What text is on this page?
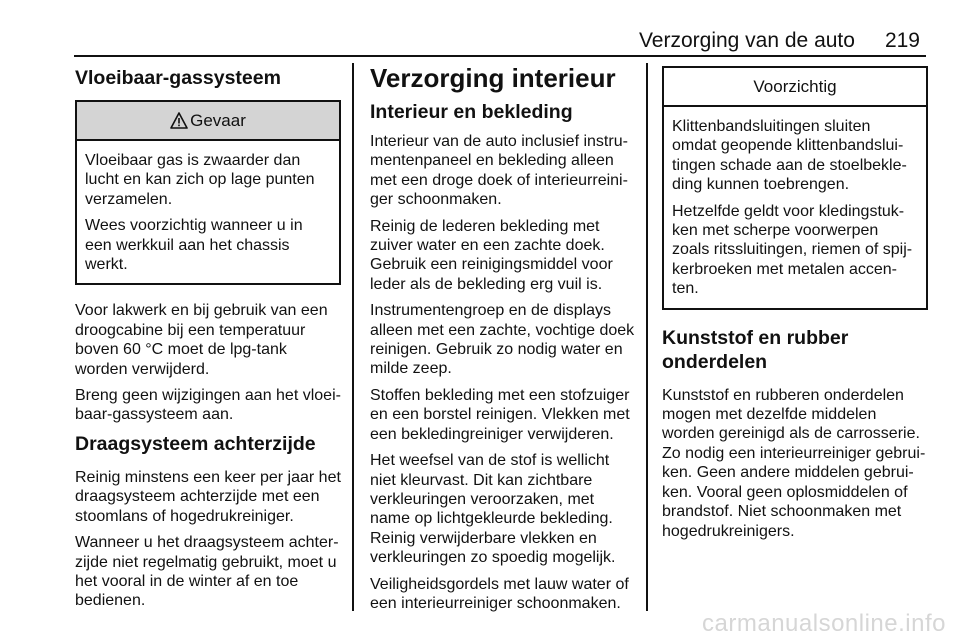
Verzorging van de auto 219
Vloeibaar-gassysteem
Gevaar

Vloeibaar gas is zwaarder dan lucht en kan zich op lage punten verzamelen.

Wees voorzichtig wanneer u in een werkkuil aan het chassis werkt.

Voor lakwerk en bij gebruik van een droogcabine bij een temperatuur boven 60 °C moet de lpg-tank worden verwijderd.

Breng geen wijzigingen aan het vloeibaar-gassysteem aan.

Draagsysteem achterzijde

Reinig minstens een keer per jaar het draagsysteem achterzijde met een stoomlans of hogedrukreiniger.

Wanneer u het draagsysteem achterzijde niet regelmatig gebruikt, moet u het vooral in de winter af en toe bedienen.

Verzorging interieur
Interieur en bekleding

Interieur van de auto inclusief instrumentenpaneel en bekleding alleen met een droge doek of interieurreiniger schoonmaken.

Reinig de lederen bekleding met zuiver water en een zachte doek. Gebruik een reinigingsmiddel voor leder als de bekleding erg vuil is.

Instrumentengroep en de displays alleen met een zachte, vochtige doek reinigen. Gebruik zo nodig water en milde zeep.

Stoffen bekleding met een stofzuiger en een borstel reinigen. Vlekken met een bekledingreiniger verwijderen.

Het weefsel van de stof is wellicht niet kleurvast. Dit kan zichtbare verkleuringen veroorzaken, met name op lichtgekleurde bekleding. Reinig verwijderbare vlekken en verkleuringen zo spoedig mogelijk.

Veiligheidsgordels met lauw water of een interieurreiniger schoonmaken.

Voorzichtig

Klittenbandsluitingen sluiten omdat geopende klittenbandsluitingen schade aan de stoelbekleding kunnen toebrengen.

Hetzelfde geldt voor kledingstukken met scherpe voorwerpen zoals ritssluitingen, riemen of spijkerbroeken met metalen accenten.

Kunststof en rubber onderdelen

Kunststof en rubberen onderdelen mogen met dezelfde middelen worden gereinigd als de carrosserie. Zo nodig een interieurreiniger gebruiken. Geen andere middelen gebruiken. Vooral geen oplosmiddelen of brandstof. Niet schoonmaken met hogedrukreinigers.

carmanualsonline.info
